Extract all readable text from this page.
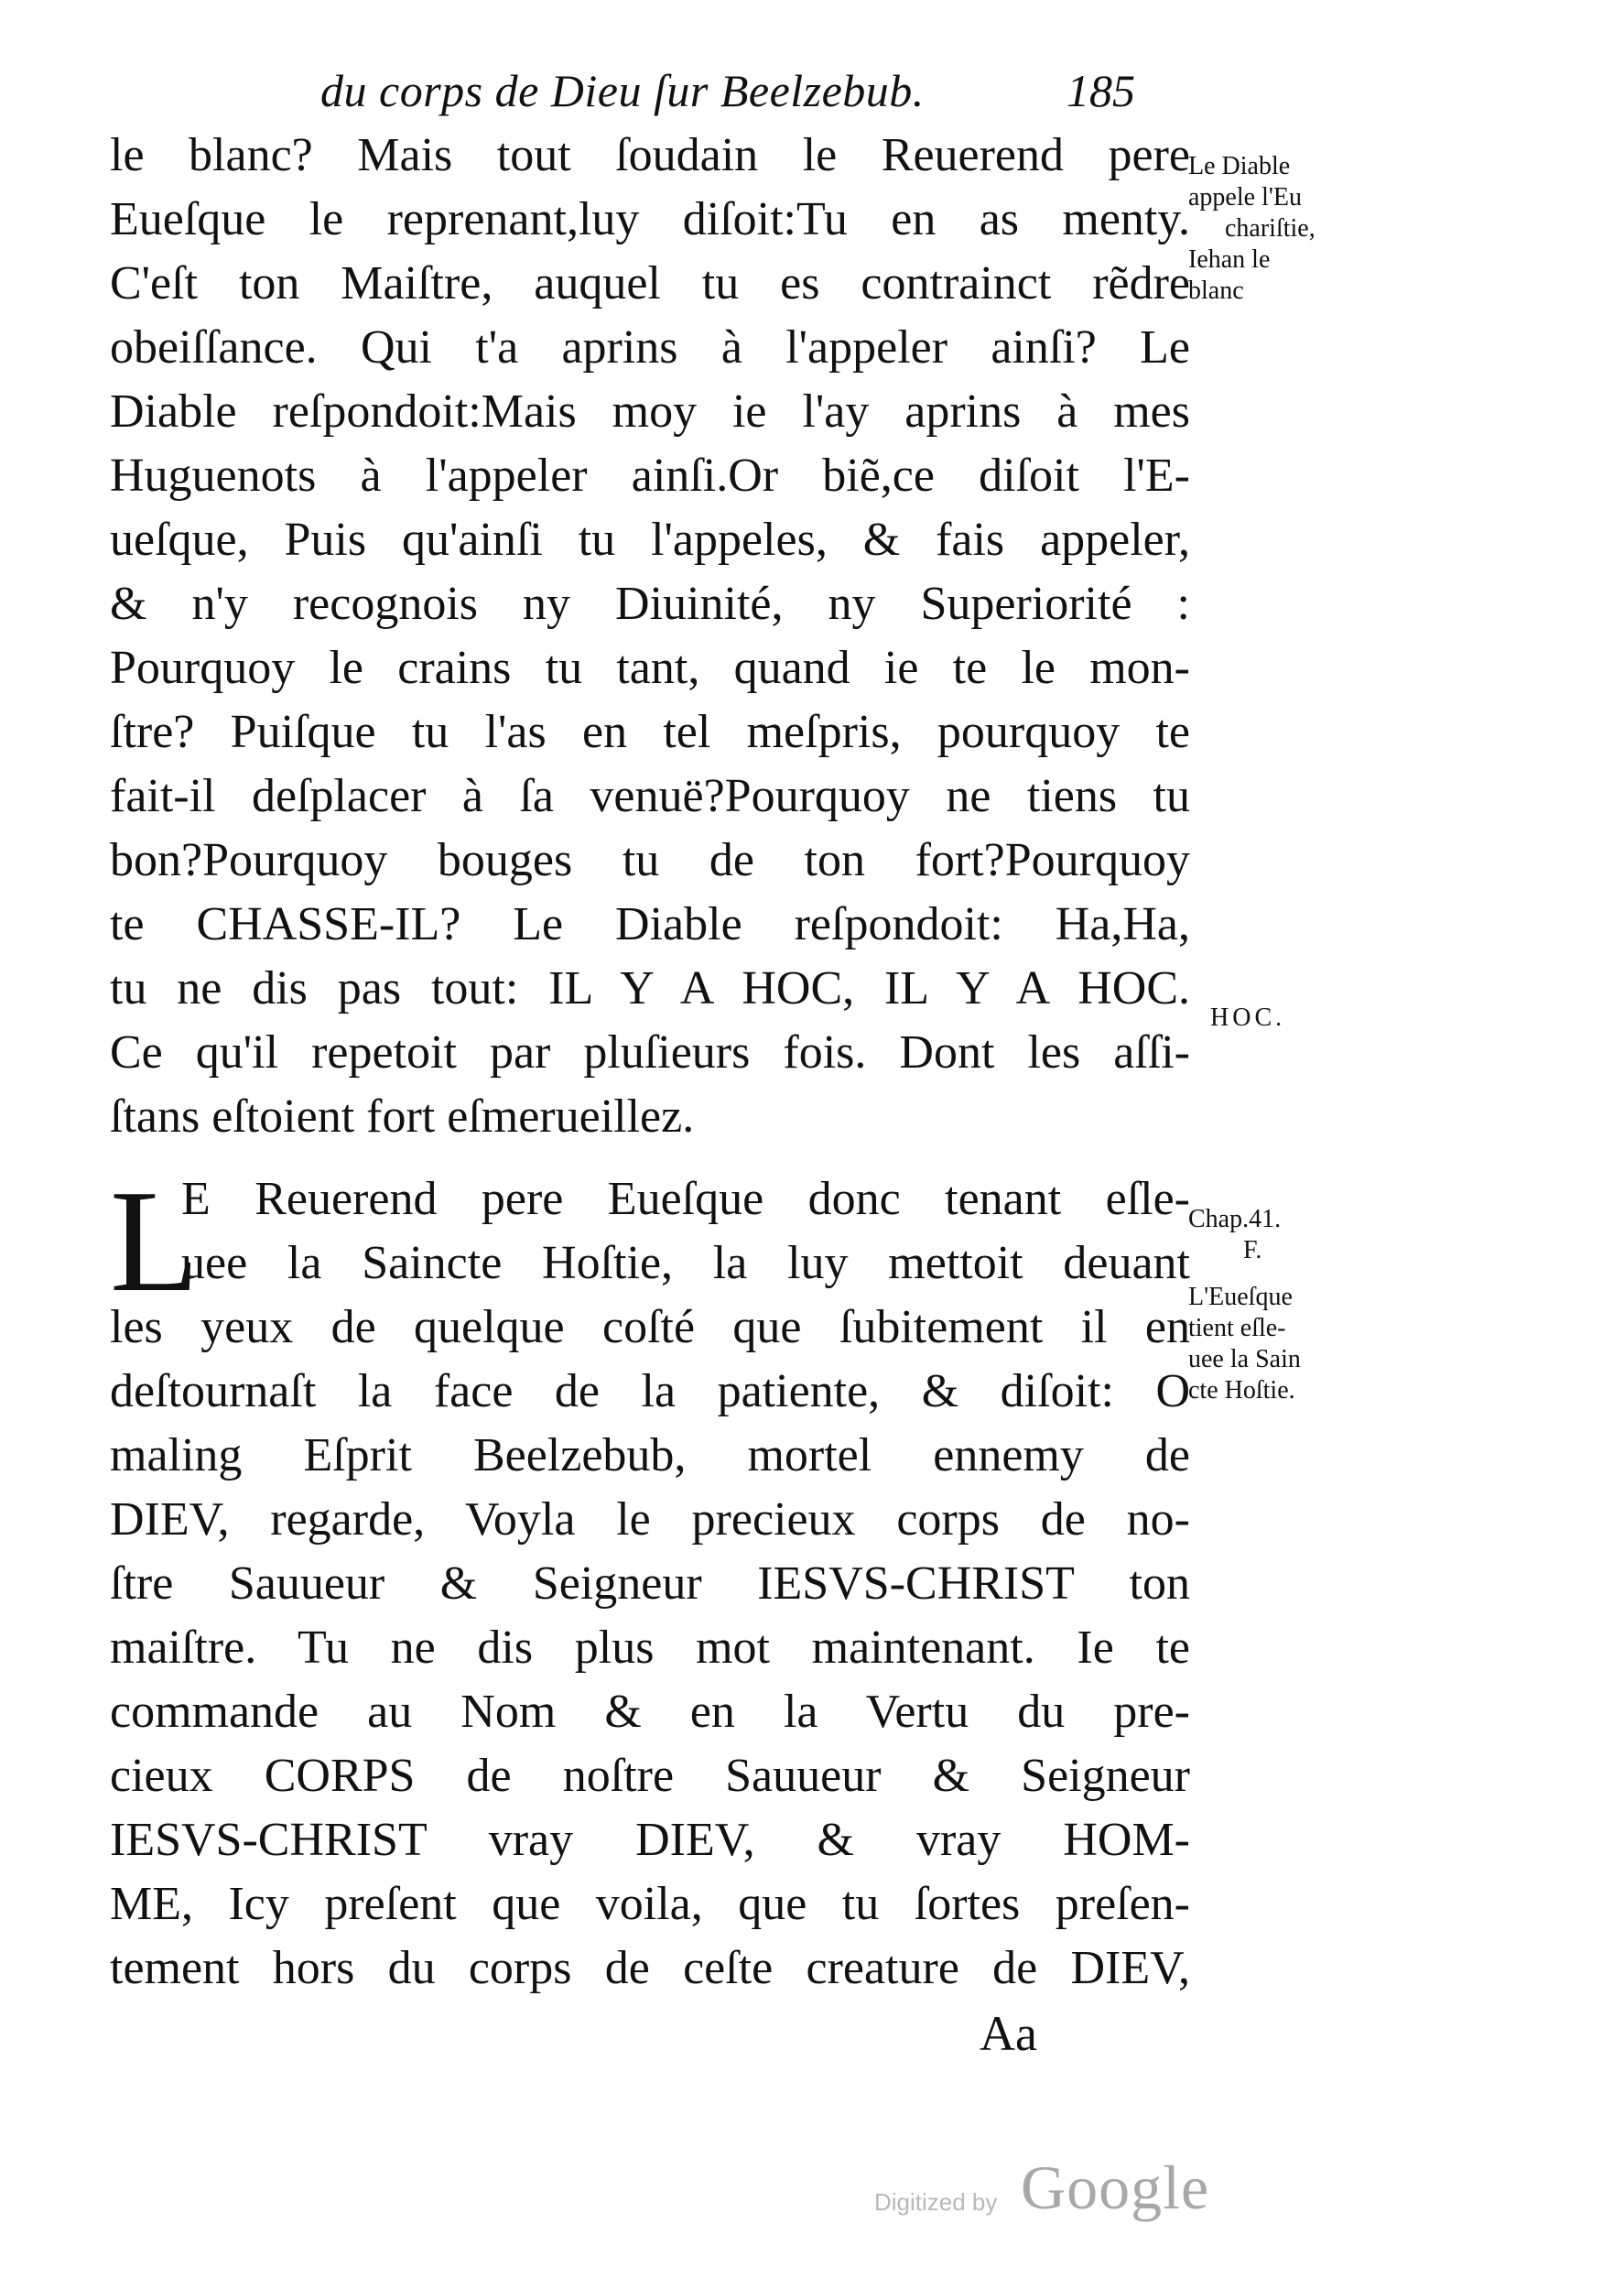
du corps de Dieu ſur Beelzebub.	185
le blanc? Mais tout ſoudain le Reuerend pere
Eueſque le reprenant,luy diſoit:Tu en as menty.
C'eſt ton Maiſtre, auquel tu es contrainct rẽdre
obeiſſance. Qui t'a aprins à l'appeler ainſi? Le
Diable reſpondoit:Mais moy ie l'ay aprins à mes
Huguenots à l'appeler ainſi.Or biẽ,ce diſoit l'E-
ueſque, Puis qu'ainſi tu l'appeles, & fais appeler,
& n'y recognois ny Diuinité, ny Superiorité :
Pourquoy le crains tu tant, quand ie te le mon-
ſtre? Puiſque tu l'as en tel meſpris, pourquoy te
fait-il deſplacer à ſa venuë?Pourquoy ne tiens tu
bon?Pourquoy bouges tu de ton fort?Pourquoy
te CHASSE-IL? Le Diable reſpondoit: Ha,Ha,
tu ne dis pas tout: IL Y A HOC, IL Y A HOC.
Ce qu'il repetoit par pluſieurs fois. Dont les aſſi-
ſtans eſtoient fort eſmerueillez.
L
E Reuerend pere Eueſque donc tenant eſle-
uee la Saincte Hoſtie, la luy mettoit deuant
les yeux de quelque coſté que ſubitement il en
deſtournaſt la face de la patiente, & diſoit: O
maling Eſprit Beelzebub, mortel ennemy de
DIEV, regarde, Voyla le precieux corps de no-
ſtre Sauueur & Seigneur IESVS-CHRIST ton
maiſtre. Tu ne dis plus mot maintenant. Ie te
commande au Nom & en la Vertu du pre-
cieux CORPS de noſtre Sauueur & Seigneur
IESVS-CHRIST vray DIEV, & vray HOM-
ME, Icy preſent que voila, que tu ſortes preſen-
tement hors du corps de ceſte creature de DIEV,
Le Diable
appele l'Eu
chariſtie,
Iehan le
blanc
HOC.
Chap.41.
F.
L'Eueſque
tient eſle-
uee la Sain
cte Hoſtie.
Aa
Digitized by Google
